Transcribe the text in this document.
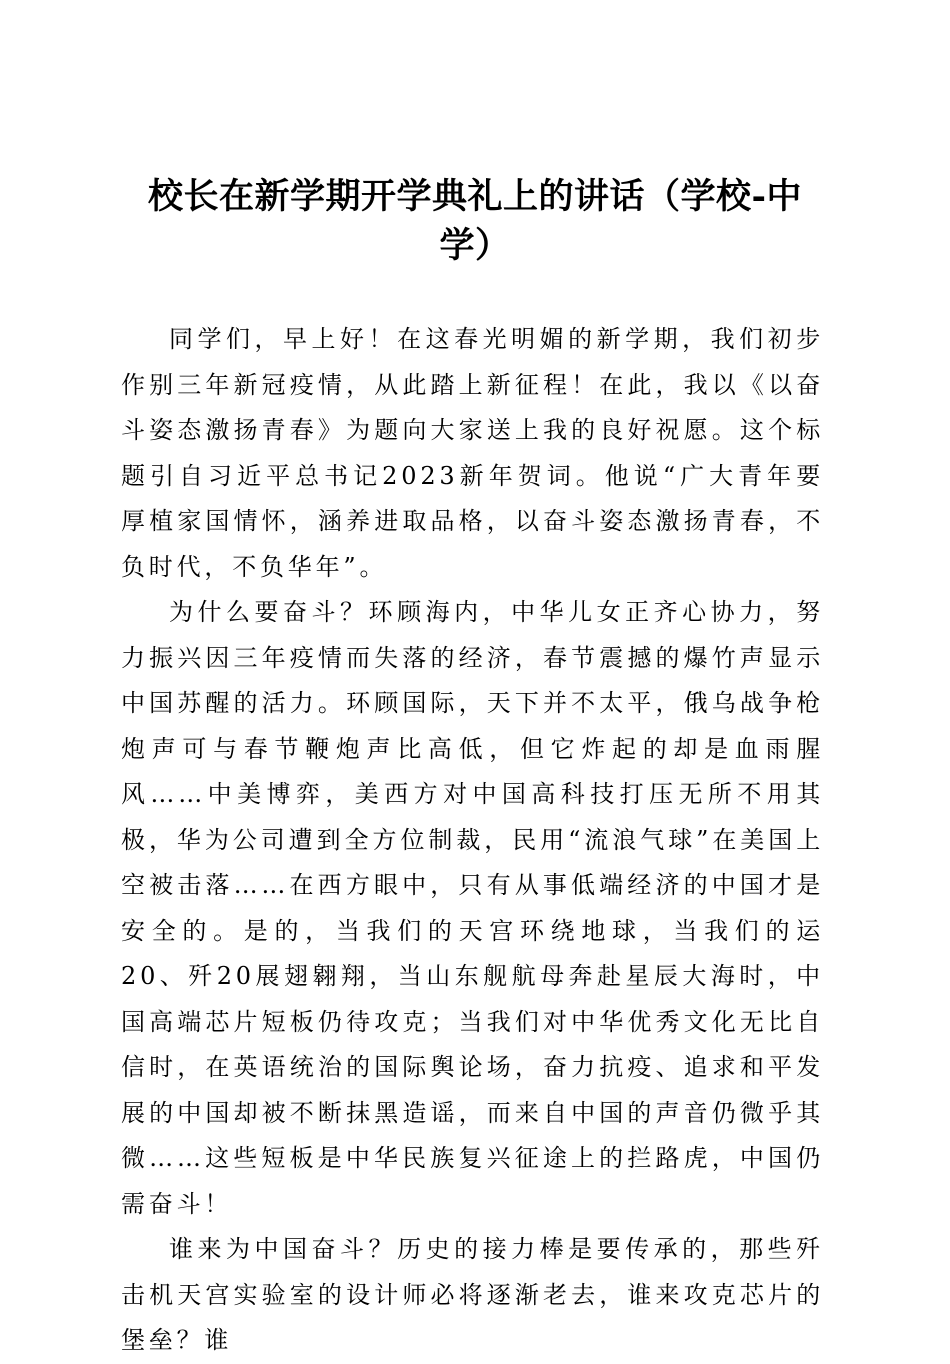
校长在新学期开学典礼上的讲话（学校-中学）

同学们，早上好！在这春光明媚的新学期，我们初步作别三年新冠疫情，从此踏上新征程！在此，我以《以奋斗姿态激扬青春》为题向大家送上我的良好祝愿。这个标题引自习近平总书记2023新年贺词。他说“广大青年要厚植家国情怀，涵养进取品格，以奋斗姿态激扬青春，不负时代，不负华年”。

为什么要奋斗？环顾海内，中华儿女正齐心协力，努力振兴因三年疫情而失落的经济，春节震撼的爆竹声显示中国苏醒的活力。环顾国际，天下并不太平，俄乌战争枪炮声可与春节鞭炮声比高低，但它炸起的却是血雨腥风……中美博弈，美西方对中国高科技打压无所不用其极，华为公司遭到全方位制裁，民用“流浪气球”在美国上空被击落……在西方眼中，只有从事低端经济的中国才是安全的。是的，当我们的天宫环绕地球，当我们的运20、歼20展翅翱翔，当山东舰航母奔赴星辰大海时，中国高端芯片短板仍待攻克；当我们对中华优秀文化无比自信时，在英语统治的国际舆论场，奋力抗疫、追求和平发展的中国却被不断抹黑造谣，而来自中国的声音仍微乎其微……这些短板是中华民族复兴征途上的拦路虎，中国仍需奋斗！

谁来为中国奋斗？历史的接力棒是要传承的，那些歼击机天宫实验室的设计师必将逐渐老去，谁来攻克芯片的堡垒？谁
